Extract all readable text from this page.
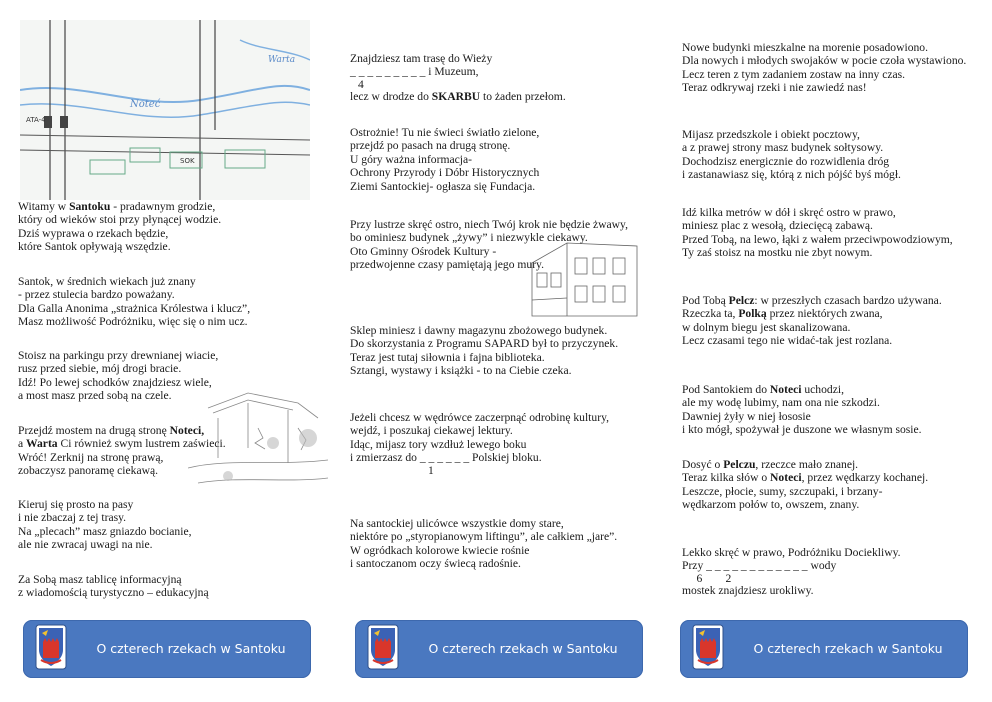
Warta
Noteć
ATA-4
SOK
Witamy w Santoku - pradawnym grodzie,
który od wieków stoi przy płynącej wodzie.
Dziś wyprawa o rzekach będzie,
które Santok opływają wszędzie.
Santok, w średnich wiekach już znany
- przez stulecia bardzo poważany.
Dla Galla Anonima „strażnica Królestwa i klucz”,
Masz możliwość Podróżniku, więc się o nim ucz.
Stoisz na parkingu przy drewnianej wiacie,
rusz przed siebie, mój drogi bracie.
Idź! Po lewej schodków znajdziesz wiele,
a most masz przed sobą na czele.
Przejdź mostem na drugą stronę Noteci,
a Warta Ci również swym lustrem zaświeci.
Wróć! Zerknij na stronę prawą,
zobaczysz panoramę ciekawą.
Kieruj się prosto na pasy
i nie zbaczaj z tej trasy.
Na „plecach” masz gniazdo bocianie,
ale nie zwracaj uwagi na nie.
Za Sobą masz tablicę informacyjną
z wiadomością turystyczno – edukacyjną
Znajdziesz tam trasę do Wieży
_ _ _ _ _ _ _ _ _ i Muzeum,
4
lecz w drodze do SKARBU to żaden przełom.
Ostrożnie! Tu nie świeci światło zielone,
przejdź po pasach na drugą stronę.
U góry ważna informacja-
Ochrony Przyrody i Dóbr Historycznych
Ziemi Santockiej- ogłasza się Fundacja.
Przy lustrze skręć ostro, niech Twój krok nie będzie żwawy,
bo ominiesz budynek „żywy” i niezwykle ciekawy.
Oto Gminny Ośrodek Kultury -
przedwojenne czasy pamiętają jego mury.
Sklep miniesz i dawny magazynu zbożowego budynek.
Do skorzystania z Programu SAPARD był to przyczynek.
Teraz jest tutaj siłownia i fajna biblioteka.
Sztangi, wystawy i książki - to na Ciebie czeka.
Jeżeli chcesz w wędrówce zaczerpnąć odrobinę kultury,
wejdź, i poszukaj ciekawej lektury.
Idąc, mijasz tory wzdłuż lewego boku
i zmierzasz do _ _ _ _ _ _ Polskiej bloku.
1
Na santockiej ulicówce wszystkie domy stare,
niektóre po „styropianowym liftingu”, ale całkiem „jare”.
W ogródkach kolorowe kwiecie rośnie
i santoczanom oczy świecą radośnie.
Nowe budynki mieszkalne na morenie posadowiono.
Dla nowych i młodych swojaków w pocie czoła wystawiono.
Lecz teren z tym zadaniem zostaw na inny czas.
Teraz odkrywaj rzeki i nie zawiedź nas!
Mijasz przedszkole i obiekt pocztowy,
a z prawej strony masz budynek sołtysowy.
Dochodzisz energicznie do rozwidlenia dróg
i zastanawiasz się, którą z nich pójść byś mógł.
Idź kilka metrów w dół i skręć ostro w prawo,
miniesz plac z wesołą, dziecięcą zabawą.
Przed Tobą, na lewo, łąki z wałem przeciwpowodziowym,
Ty zaś stoisz na mostku nie zbyt nowym.
Pod Tobą Pelcz: w przeszłych czasach bardzo używana.
Rzeczka ta, Polką przez niektórych zwana,
w dolnym biegu jest skanalizowana.
Lecz czasami tego nie widać-tak jest rozlana.
Pod Santokiem do Noteci uchodzi,
ale my wodę lubimy, nam ona nie szkodzi.
Dawniej żyły w niej łososie
i kto mógł, spożywał je duszone we własnym sosie.
Dosyć o Pelczu, rzeczce mało znanej.
Teraz kilka słów o Noteci, przez wędkarzy kochanej.
Leszcze, płocie, sumy, szczupaki, i brzany-
wędkarzom połów to, owszem, znany.
Lekko skręć w prawo, Podróżniku Dociekliwy.
Przy _ _ _ _ _ _ _ _ _ _ _ _ wody
6        2
mostek znajdziesz urokliwy.
O czterech rzekach w Santoku	O czterech rzekach w Santoku	O czterech rzekach w Santoku
